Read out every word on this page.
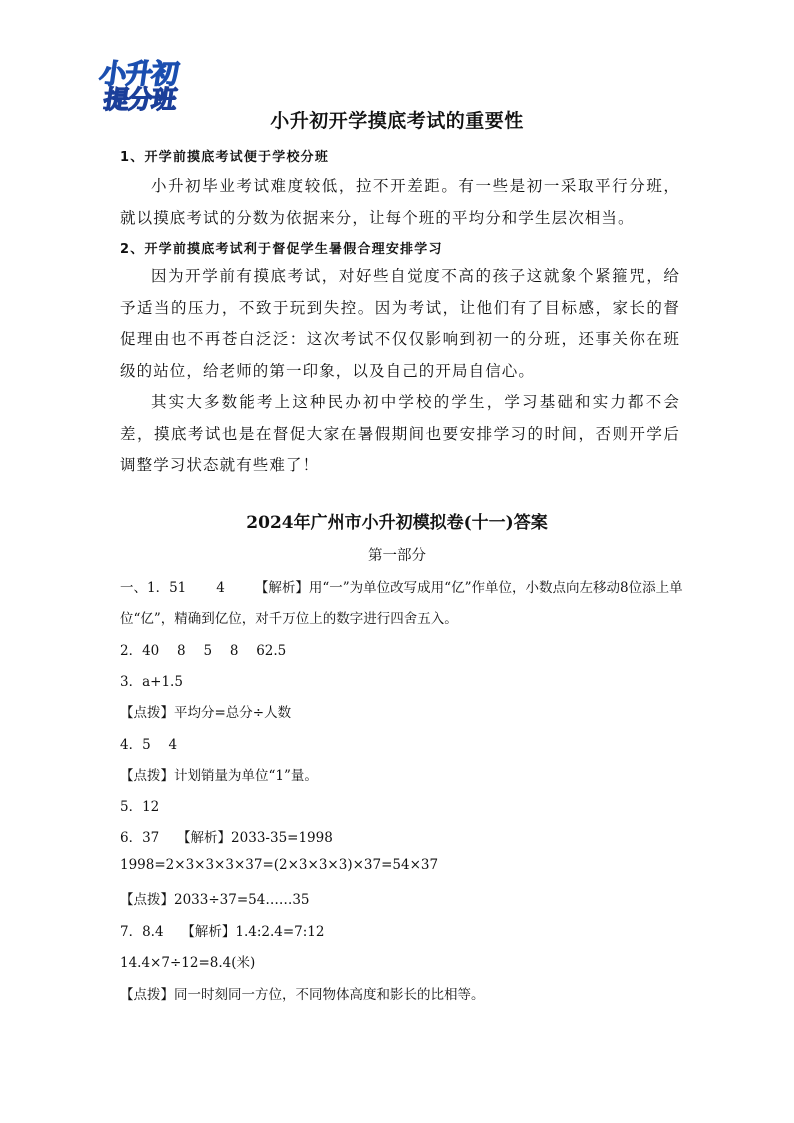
小升初
提分班
小升初开学摸底考试的重要性
1、开学前摸底考试便于学校分班

小升初毕业考试难度较低，拉不开差距。有一些是初一采取平行分班，就以摸底考试的分数为依据来分，让每个班的平均分和学生层次相当。

2、开学前摸底考试利于督促学生暑假合理安排学习

因为开学前有摸底考试，对好些自觉度不高的孩子这就象个紧箍咒，给予适当的压力，不致于玩到失控。因为考试，让他们有了目标感，家长的督促理由也不再苍白泛泛：这次考试不仅仅影响到初一的分班，还事关你在班级的站位，给老师的第一印象，以及自己的开局自信心。

其实大多数能考上这种民办初中学校的学生，学习基础和实力都不会差，摸底考试也是在督促大家在暑假期间也要安排学习的时间，否则开学后调整学习状态就有些难了！

2024年广州市小升初模拟卷(十一)答案
第一部分
一、1．51 4 【解析】用“一”为单位改写成用“亿”作单位，小数点向左移动8位添上单
位“亿”，精确到亿位，对千万位上的数字进行四舍五入。
2．40　 8　 5　 8　 62.5
3．a+1.5
【点拨】平均分=总分÷人数
4．5　 4
【点拨】计划销量为单位“1”量。
5．12
6．37　 【解析】2033-35=1998
1998=2×3×3×3×37=(2×3×3×3)×37=54×37
【点拨】2033÷37=54……35
7．8.4　 【解析】1.4:2.4=7:12
14.4×7÷12=8.4(米)
【点拨】同一时刻同一方位，不同物体高度和影长的比相等。
